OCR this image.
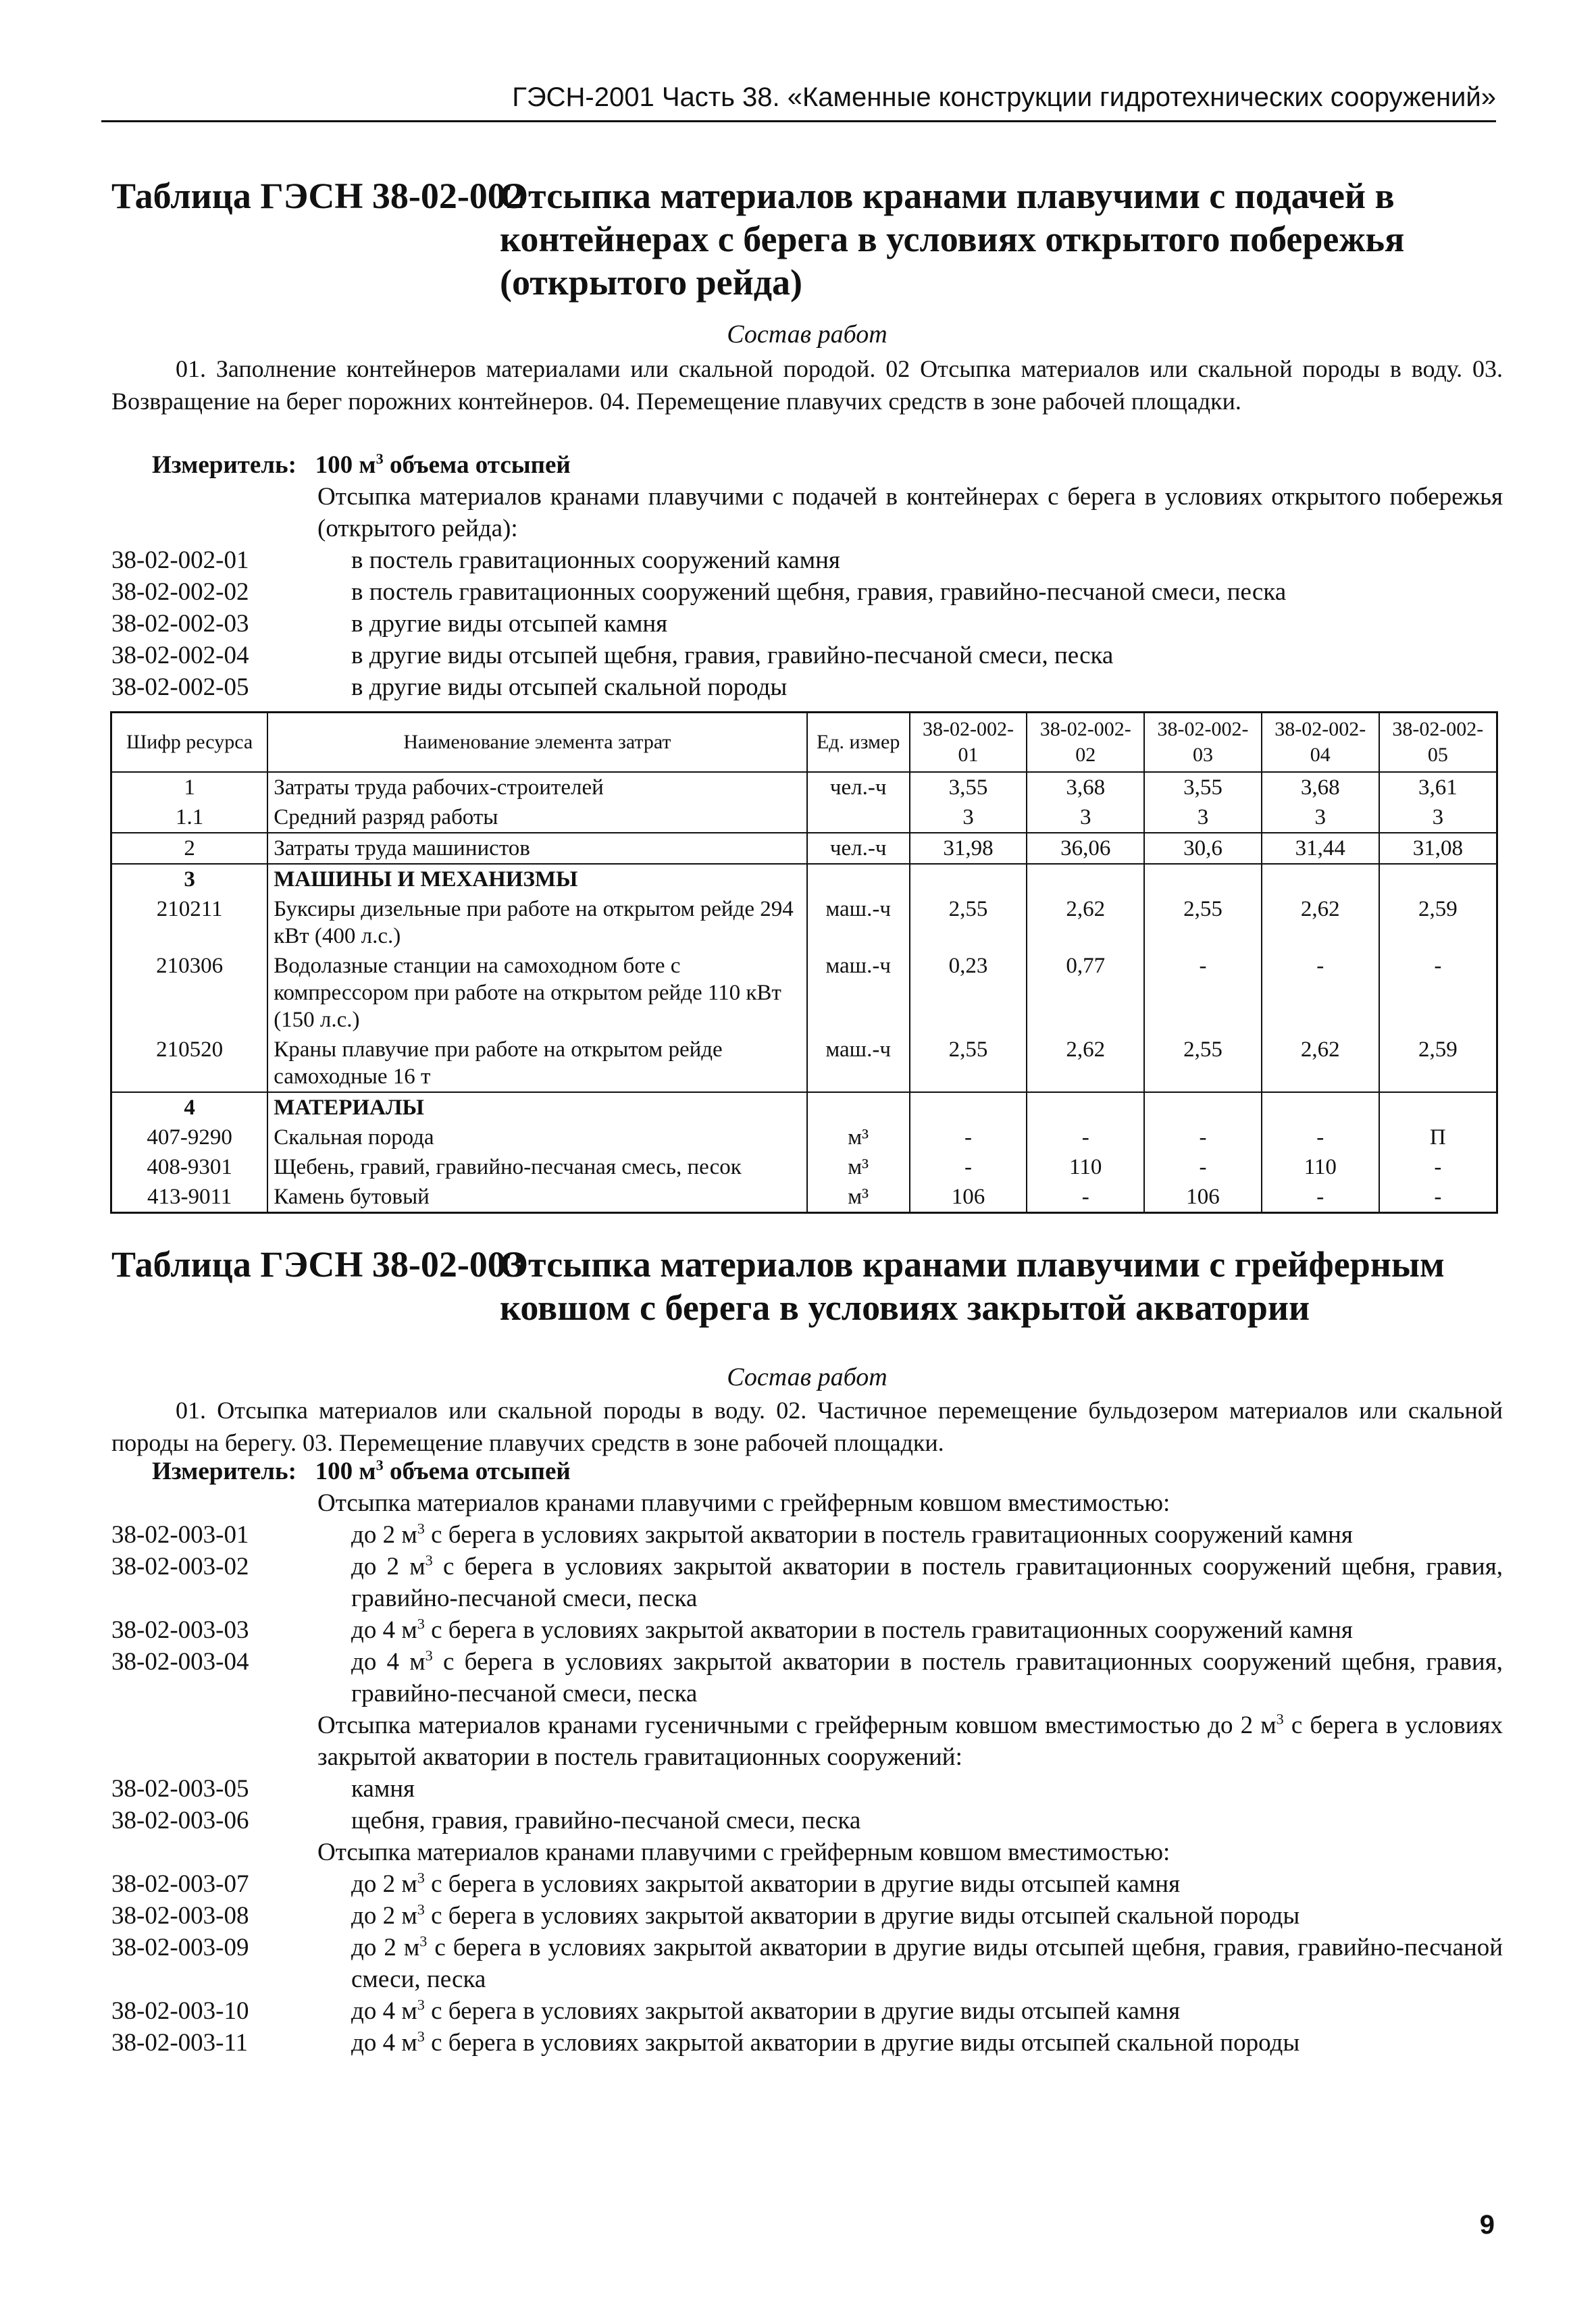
ГЭСН-2001 Часть 38. «Каменные конструкции гидротехнических сооружений»
Таблица ГЭСН 38-02-002
Отсыпка материалов кранами плавучими с подачей в контейнерах с берега в условиях открытого побережья (открытого рейда)
Состав работ
01. Заполнение контейнеров материалами или скальной породой. 02 Отсыпка материалов или скальной породы в воду. 03. Возвращение на берег порожних контейнеров. 04. Перемещение плавучих средств в зоне рабочей площадки.
Измеритель: 100 $м^3$ объема отсыпей
Отсыпка материалов кранами плавучими с подачей в контейнерах с берега в условиях открытого побережья (открытого рейда):
38-02-002-01	в постель гравитационных сооружений камня
38-02-002-02	в постель гравитационных сооружений щебня, гравия, гравийно-песчаной смеси, песка
38-02-002-03	в другие виды отсыпей камня
38-02-002-04	в другие виды отсыпей щебня, гравия, гравийно-песчаной смеси, песка
38-02-002-05	в другие виды отсыпей скальной породы
Шифр ресурса	Наименование элемента затрат	Ед. измер	38-02-002-01	38-02-002-02	38-02-002-03	38-02-002-04	38-02-002-05
1	Затраты труда рабочих-строителей	чел.-ч	3,55	3,68	3,55	3,68	3,61
1.1	Средний разряд работы		3	3	3	3	3
2	Затраты труда машинистов	чел.-ч	31,98	36,06	30,6	31,44	31,08
3	МАШИНЫ И МЕХАНИЗМЫ						
210211	Буксиры дизельные при работе на открытом рейде 294 кВт (400 л.с.)	маш.-ч	2,55	2,62	2,55	2,62	2,59
210306	Водолазные станции на самоходном боте с компрессором при работе на открытом рейде 110 кВт (150 л.с.)	маш.-ч	0,23	0,77	-	-	-
210520	Краны плавучие при работе на открытом рейде самоходные 16 т	маш.-ч	2,55	2,62	2,55	2,62	2,59
4	МАТЕРИАЛЫ						
407-9290	Скальная порода	м³	-	-	-	-	П
408-9301	Щебень, гравий, гравийно-песчаная смесь, песок	м³	-	110	-	110	-
413-9011	Камень бутовый	м³	106	-	106	-	-
Таблица ГЭСН 38-02-003
Отсыпка материалов кранами плавучими с грейферным ковшом с берега в условиях закрытой акватории
Состав работ
01. Отсыпка материалов или скальной породы в воду. 02. Частичное перемещение бульдозером материалов или скальной породы на берегу. 03. Перемещение плавучих средств в зоне рабочей площадки.
Измеритель: 100 $м^3$ объема отсыпей
Отсыпка материалов кранами плавучими с грейферным ковшом вместимостью:
38-02-003-01	до 2 $м^3$ с берега в условиях закрытой акватории в постель гравитационных сооружений камня
38-02-003-02	до 2 $м^3$ с берега в условиях закрытой акватории в постель гравитационных сооружений щебня, гравия, гравийно-песчаной смеси, песка
38-02-003-03	до 4 $м^3$ с берега в условиях закрытой акватории в постель гравитационных сооружений камня
38-02-003-04	до 4 $м^3$ с берега в условиях закрытой акватории в постель гравитационных сооружений щебня, гравия, гравийно-песчаной смеси, песка
Отсыпка материалов кранами гусеничными с грейферным ковшом вместимостью до 2 $м^3$ с берега в условиях закрытой акватории в постель гравитационных сооружений:
38-02-003-05	камня
38-02-003-06	щебня, гравия, гравийно-песчаной смеси, песка
Отсыпка материалов кранами плавучими с грейферным ковшом вместимостью:
38-02-003-07	до 2 $м^3$ с берега в условиях закрытой акватории в другие виды отсыпей камня
38-02-003-08	до 2 $м^3$ с берега в условиях закрытой акватории в другие виды отсыпей скальной породы
38-02-003-09	до 2 $м^3$ с берега в условиях закрытой акватории в другие виды отсыпей щебня, гравия, гравийно-песчаной смеси, песка
38-02-003-10	до 4 $м^3$ с берега в условиях закрытой акватории в другие виды отсыпей камня
38-02-003-11	до 4 $м^3$ с берега в условиях закрытой акватории в другие виды отсыпей скальной породы
9
